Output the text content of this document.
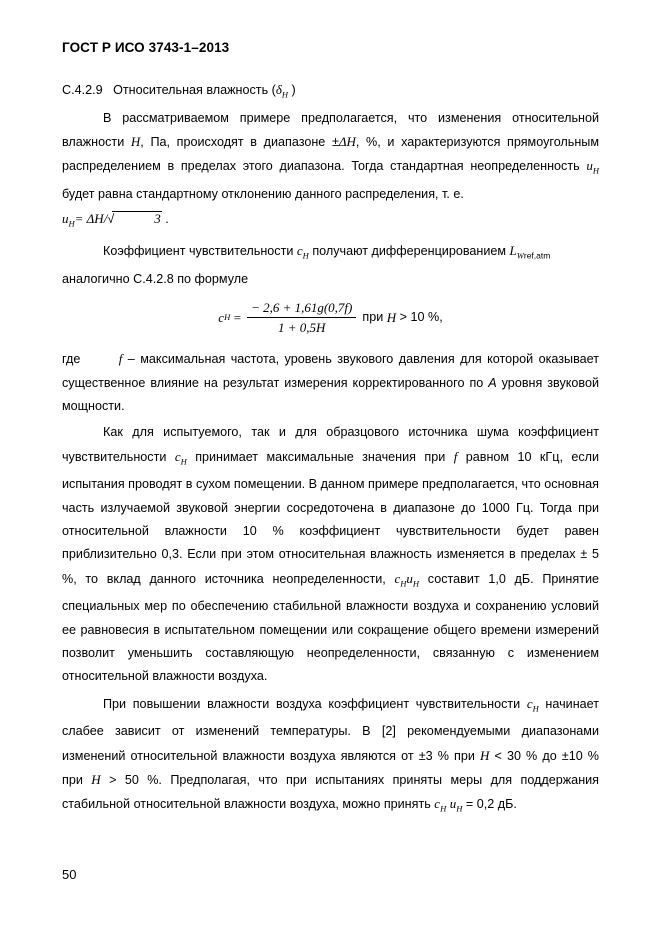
ГОСТ Р ИСО 3743-1–2013

С.4.2.9 Относительная влажность ($\delta_H$ )

В рассматриваемом примере предполагается, что изменения относительной влажности H, Па, происходят в диапазоне ±ΔH, %, и характеризуются прямоугольным распределением в пределах этого диапазона. Тогда стандартная неопределенность $u_H$ будет равна стандартному отклонению данного распределения, т. е.
$u_H= \Delta H/√$	3 .

Коэффициент чувствительности $c_H$ получают дифференцированием $L_{Wref,atm}$

аналогично С.4.2.8 по формуле

c H
= $\frac{- 2,6 + 1,61g(0,7f)}{1 + 0,5H}$ при
H
> 10 %,

где	f – максимальная частота, уровень звукового давления для которой оказывает существенное влияние на результат измерения корректированного по А уровня звуковой мощности.

Как для испытуемого, так и для образцового источника шума коэффициент чувствительности $c_H$ принимает максимальные значения при f равном 10 кГц, если испытания проводят в сухом помещении. В данном примере предполагается, что основная часть излучаемой звуковой энергии сосредоточена в диапазоне до 1000 Гц. Тогда при относительной влажности 10 % коэффициент чувствительности будет равен приблизительно 0,3. Если при этом относительная влажность изменяется в пределах ± 5 %, то вклад данного источника неопределенности, $c_Hu_H$ составит 1,0 дБ. Принятие специальных мер по обеспечению стабильной влажности воздуха и сохранению условий ее равновесия в испытательном помещении или сокращение общего времени измерений позволит уменьшить составляющую неопределенности, связанную с изменением относительной влажности воздуха.

При повышении влажности воздуха коэффициент чувствительности $c_H$ начинает слабее зависит от изменений температуры. В [2] рекомендуемыми диапазонами изменений относительной влажности воздуха являются от ±3 % при H < 30 % до ±10 % при H > 50 %. Предполагая, что при испытаниях приняты меры для поддержания стабильной относительной влажности воздуха, можно принять $c_H$ $u_H = 0,2$ дБ.

50
